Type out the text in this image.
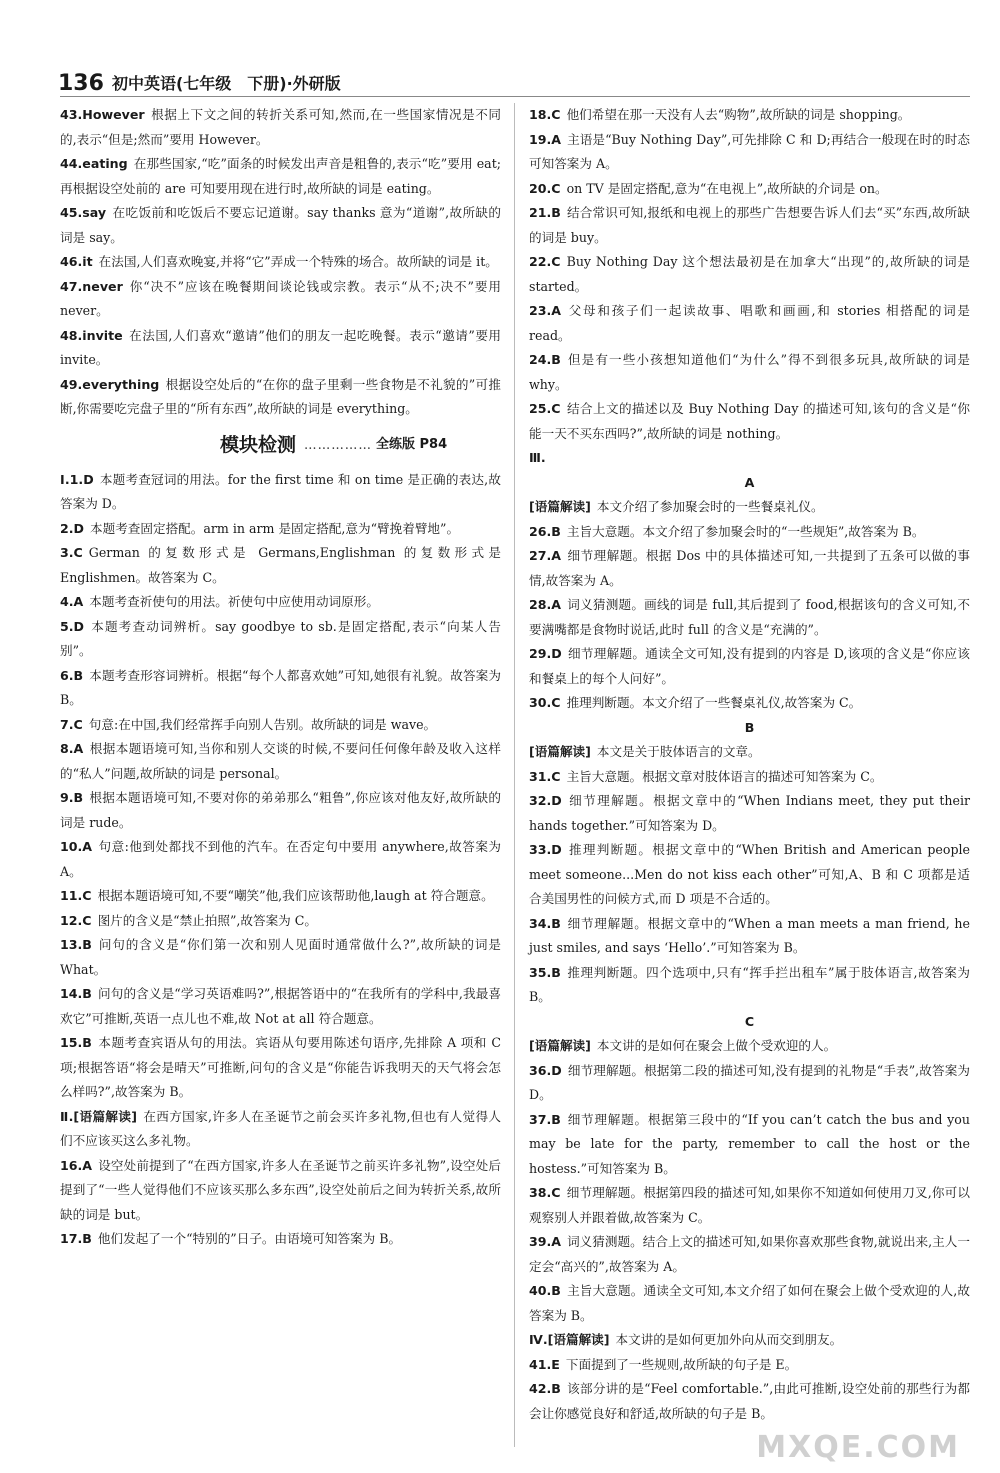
136 初中英语(七年级　下册)·外研版

43.However 根据上下文之间的转折关系可知,然而,在一些国家情况是不同的,表示“但是;然而”要用 However。

44.eating 在那些国家,“吃”面条的时候发出声音是粗鲁的,表示“吃”要用 eat;再根据设空处前的 are 可知要用现在进行时,故所缺的词是 eating。

45.say 在吃饭前和吃饭后不要忘记道谢。say thanks 意为“道谢”,故所缺的词是 say。

46.it 在法国,人们喜欢晚宴,并将“它”弄成一个特殊的场合。故所缺的词是 it。

47.never 你“决不”应该在晚餐期间谈论钱或宗教。表示“从不;决不”要用 never。

48.invite 在法国,人们喜欢“邀请”他们的朋友一起吃晚餐。表示“邀请”要用 invite。

49.everything 根据设空处后的“在你的盘子里剩一些食物是不礼貌的”可推断,你需要吃完盘子里的“所有东西”,故所缺的词是 everything。

模块检测 …………… 全练版 P84

Ⅰ.1.D 本题考查冠词的用法。for the first time 和 on time 是正确的表达,故答案为 D。

2.D 本题考查固定搭配。arm in arm 是固定搭配,意为“臂挽着臂地”。

3.C German 的复数形式是 Germans,Englishman 的复数形式是 Englishmen。故答案为 C。

4.A 本题考查祈使句的用法。祈使句中应使用动词原形。

5.D 本题考查动词辨析。say goodbye to sb.是固定搭配,表示“向某人告别”。

6.B 本题考查形容词辨析。根据“每个人都喜欢她”可知,她很有礼貌。故答案为 B。

7.C 句意:在中国,我们经常挥手向别人告别。故所缺的词是 wave。

8.A 根据本题语境可知,当你和别人交谈的时候,不要问任何像年龄及收入这样的“私人”问题,故所缺的词是 personal。

9.B 根据本题语境可知,不要对你的弟弟那么“粗鲁”,你应该对他友好,故所缺的词是 rude。

10.A 句意:他到处都找不到他的汽车。在否定句中要用 anywhere,故答案为 A。

11.C 根据本题语境可知,不要“嘲笑”他,我们应该帮助他,laugh at 符合题意。

12.C 图片的含义是“禁止拍照”,故答案为 C。

13.B 问句的含义是“你们第一次和别人见面时通常做什么?”,故所缺的词是 What。

14.B 问句的含义是“学习英语难吗?”,根据答语中的“在我所有的学科中,我最喜欢它”可推断,英语一点儿也不难,故 Not at all 符合题意。

15.B 本题考查宾语从句的用法。宾语从句要用陈述句语序,先排除 A 项和 C 项;根据答语“将会是晴天”可推断,问句的含义是“你能告诉我明天的天气将会怎么样吗?”,故答案为 B。

Ⅱ.[语篇解读] 在西方国家,许多人在圣诞节之前会买许多礼物,但也有人觉得人们不应该买这么多礼物。

16.A 设空处前提到了“在西方国家,许多人在圣诞节之前买许多礼物”,设空处后提到了“一些人觉得他们不应该买那么多东西”,设空处前后之间为转折关系,故所缺的词是 but。

17.B 他们发起了一个“特别的”日子。由语境可知答案为 B。

18.C 他们希望在那一天没有人去“购物”,故所缺的词是 shopping。

19.A 主语是“Buy Nothing Day”,可先排除 C 和 D;再结合一般现在时的时态可知答案为 A。

20.C on TV 是固定搭配,意为“在电视上”,故所缺的介词是 on。

21.B 结合常识可知,报纸和电视上的那些广告想要告诉人们去“买”东西,故所缺的词是 buy。

22.C Buy Nothing Day 这个想法最初是在加拿大“出现”的,故所缺的词是 started。

23.A 父母和孩子们一起读故事、唱歌和画画,和 stories 相搭配的词是 read。

24.B 但是有一些小孩想知道他们“为什么”得不到很多玩具,故所缺的词是 why。

25.C 结合上文的描述以及 Buy Nothing Day 的描述可知,该句的含义是“你能一天不买东西吗?”,故所缺的词是 nothing。

Ⅲ.

A

[语篇解读] 本文介绍了参加聚会时的一些餐桌礼仪。

26.B 主旨大意题。本文介绍了参加聚会时的“一些规矩”,故答案为 B。

27.A 细节理解题。根据 Dos 中的具体描述可知,一共提到了五条可以做的事情,故答案为 A。

28.A 词义猜测题。画线的词是 full,其后提到了 food,根据该句的含义可知,不要满嘴都是食物时说话,此时 full 的含义是“充满的”。

29.D 细节理解题。通读全文可知,没有提到的内容是 D,该项的含义是“你应该和餐桌上的每个人问好”。

30.C 推理判断题。本文介绍了一些餐桌礼仪,故答案为 C。

B

[语篇解读] 本文是关于肢体语言的文章。

31.C 主旨大意题。根据文章对肢体语言的描述可知答案为 C。

32.D 细节理解题。根据文章中的“When Indians meet, they put their hands together.”可知答案为 D。

33.D 推理判断题。根据文章中的“When British and American people meet someone...Men do not kiss each other”可知,A、B 和 C 项都是适合美国男性的问候方式,而 D 项是不合适的。

34.B 细节理解题。根据文章中的“When a man meets a man friend, he just smiles, and says ‘Hello’.”可知答案为 B。

35.B 推理判断题。四个选项中,只有“挥手拦出租车”属于肢体语言,故答案为 B。

C

[语篇解读] 本文讲的是如何在聚会上做个受欢迎的人。

36.D 细节理解题。根据第二段的描述可知,没有提到的礼物是“手表”,故答案为 D。

37.B 细节理解题。根据第三段中的“If you can’t catch the bus and you may be late for the party, remember to call the host or the hostess.”可知答案为 B。

38.C 细节理解题。根据第四段的描述可知,如果你不知道如何使用刀叉,你可以观察别人并跟着做,故答案为 C。

39.A 词义猜测题。结合上文的描述可知,如果你喜欢那些食物,就说出来,主人一定会“高兴的”,故答案为 A。

40.B 主旨大意题。通读全文可知,本文介绍了如何在聚会上做个受欢迎的人,故答案为 B。

Ⅳ.[语篇解读] 本文讲的是如何更加外向从而交到朋友。

41.E 下面提到了一些规则,故所缺的句子是 E。

42.B 该部分讲的是“Feel comfortable.”,由此可推断,设空处前的那些行为都会让你感觉良好和舒适,故所缺的句子是 B。

MXQE.COM
